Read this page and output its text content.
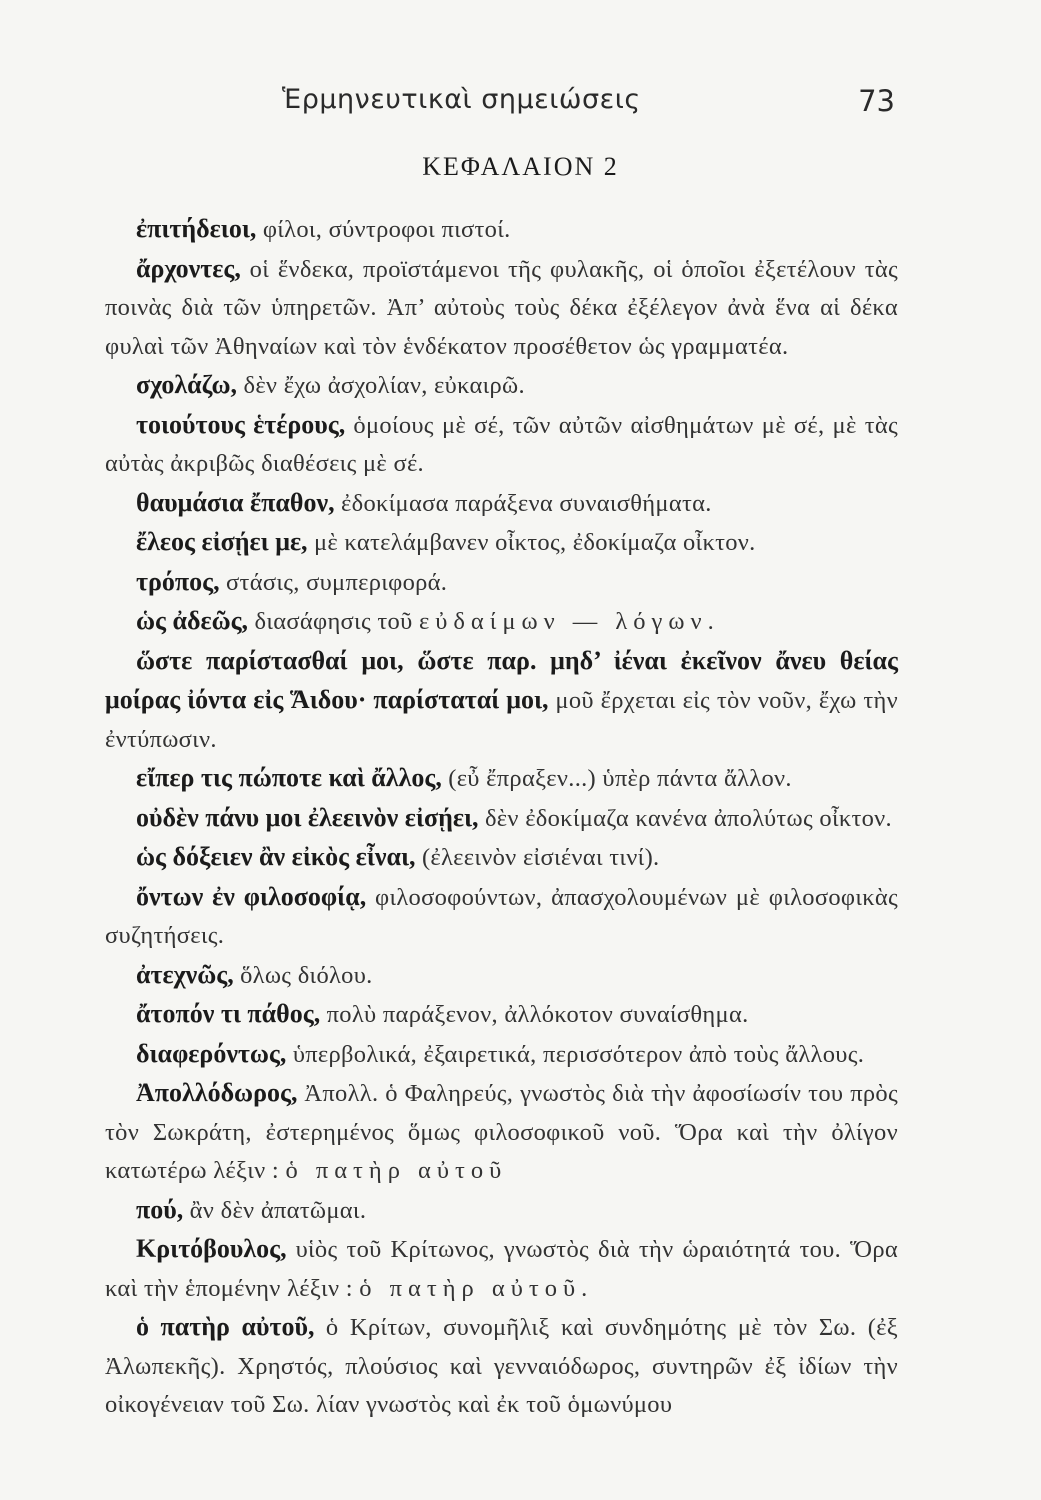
Ἑρμηνευτικαὶ σημειώσεις	73
ΚΕΦΑΛΑΙΟΝ 2

ἐπιτήδειοι, φίλοι, σύντροφοι πιστοί.

ἄρχοντες, οἱ ἕνδεκα, προϊστάμενοι τῆς φυλακῆς, οἱ ὁποῖοι ἐξετέλουν τὰς ποινὰς διὰ τῶν ὑπηρετῶν. Ἀπ’ αὐτοὺς τοὺς δέκα ἐξέλεγον ἀνὰ ἕνα αἱ δέκα φυλαὶ τῶν Ἀθηναίων καὶ τὸν ἑνδέκατον προσέθετον ὡς γραμματέα.

σχολάζω, δὲν ἔχω ἀσχολίαν, εὐκαιρῶ.

τοιούτους ἑτέρους, ὁμοίους μὲ σέ, τῶν αὐτῶν αἰσθημάτων μὲ σέ, μὲ τὰς αὐτὰς ἀκριβῶς διαθέσεις μὲ σέ.

θαυμάσια ἔπαθον, ἐδοκίμασα παράξενα συναισθήματα.

ἔλεος εἰσῄει με, μὲ κατελάμβανεν οἶκτος, ἐδοκίμαζα οἶκτον.

τρόπος, στάσις, συμπεριφορά.

ὡς ἀδεῶς, διασάφησις τοῦ εὐδαίμων — λόγων.

ὥστε παρίστασθαί μοι, ὥστε παρ. μηδ’ ἰέναι ἐκεῖνον ἄνευ θείας μοίρας ἰόντα εἰς Ἅιδου· παρίσταταί μοι, μοῦ ἔρχεται εἰς τὸν νοῦν, ἔχω τὴν ἐντύπωσιν.

εἴπερ τις πώποτε καὶ ἄλλος, (εὖ ἔπραξεν...) ὑπὲρ πάντα ἄλλον.

οὐδὲν πάνυ μοι ἐλεεινὸν εἰσῄει, δὲν ἐδοκίμαζα κανένα ἀπολύτως οἶκτον.

ὡς δόξειεν ἂν εἰκὸς εἶναι, (ἐλεεινὸν εἰσιέναι τινί).

ὄντων ἐν φιλοσοφίᾳ, φιλοσοφούντων, ἀπασχολουμένων μὲ φιλοσοφικὰς συζητήσεις.

ἀτεχνῶς, ὅλως διόλου.

ἄτοπόν τι πάθος, πολὺ παράξενον, ἀλλόκοτον συναίσθημα.

διαφερόντως, ὑπερβολικά, ἐξαιρετικά, περισσότερον ἀπὸ τοὺς ἄλλους.

Ἀπολλόδωρος, Ἀπολλ. ὁ Φαληρεύς, γνωστὸς διὰ τὴν ἀφοσίωσίν του πρὸς τὸν Σωκράτη, ἐστερημένος ὅμως φιλοσοφικοῦ νοῦ. Ὅρα καὶ τὴν ὀλίγον κατωτέρω λέξιν : ὁ πατὴρ αὐτοῦ

πού, ἂν δὲν ἀπατῶμαι.

Κριτόβουλος, υἱὸς τοῦ Κρίτωνος, γνωστὸς διὰ τὴν ὡραιότητά του. Ὅρα καὶ τὴν ἑπομένην λέξιν : ὁ πατὴρ αὐτοῦ.

ὁ πατὴρ αὐτοῦ, ὁ Κρίτων, συνομῆλιξ καὶ συνδημότης μὲ τὸν Σω. (ἐξ Ἀλωπεκῆς). Χρηστός, πλούσιος καὶ γενναιόδωρος, συντηρῶν ἐξ ἰδίων τὴν οἰκογένειαν τοῦ Σω. λίαν γνωστὸς καὶ ἐκ τοῦ ὁμωνύμου
